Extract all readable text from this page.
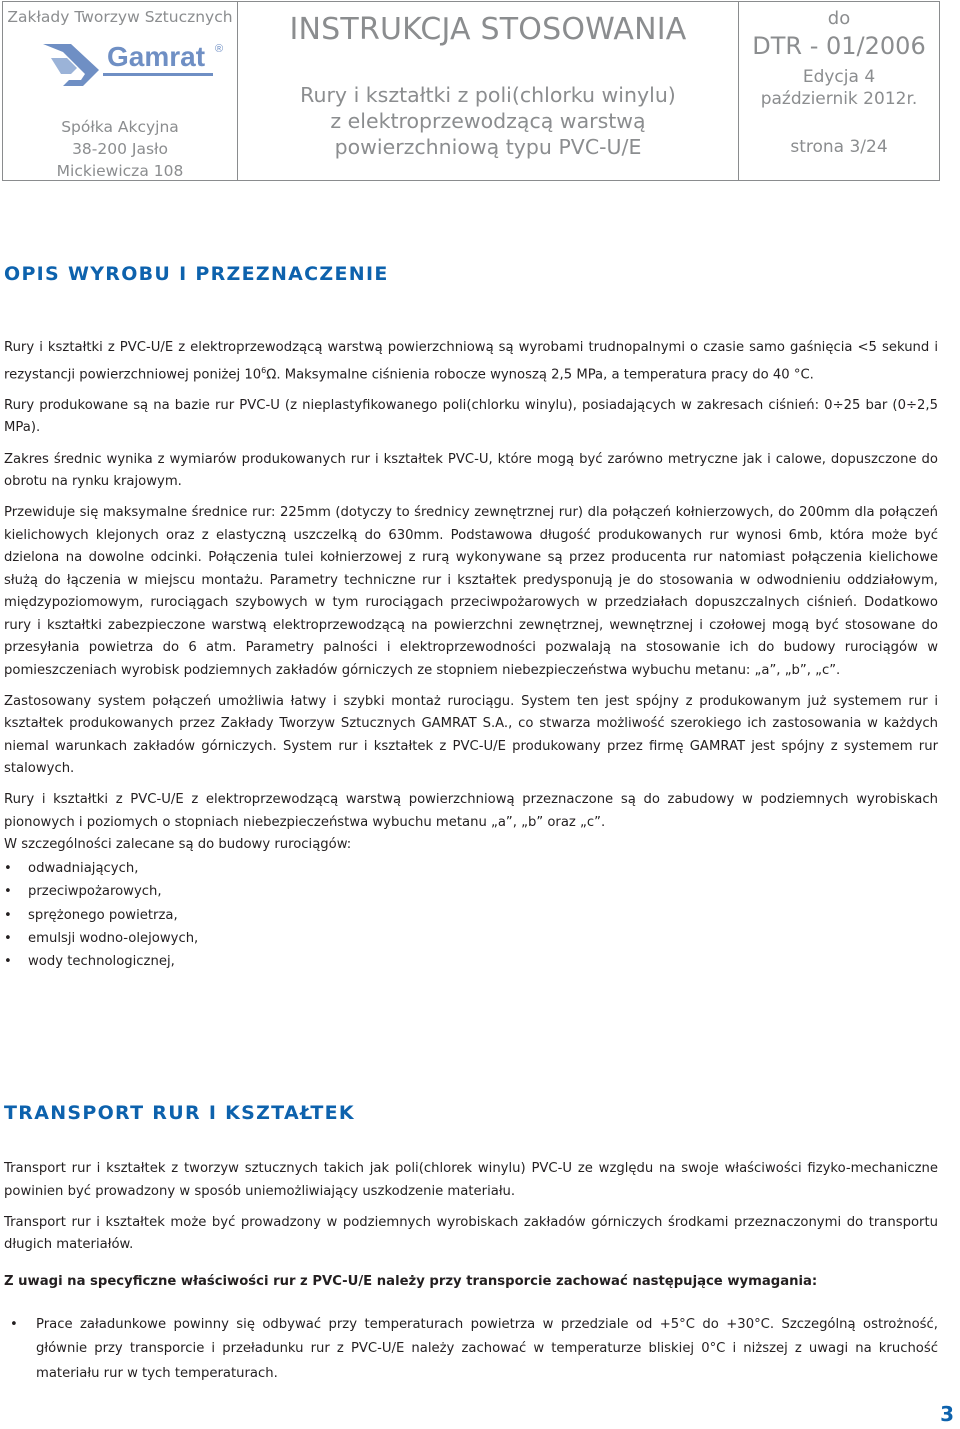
Zakłady Tworzyw Sztucznych
Gamrat ®
Spółka Akcyjna
38-200 Jasło
Mickiewicza 108
INSTRUKCJA STOSOWANIA
Rury i kształtki z poli(chlorku winylu)
z elektroprzewodzącą warstwą
powierzchniową typu PVC-U/E
do
DTR - 01/2006
Edycja 4
październik 2012r.
strona 3/24
OPIS WYROBU I PRZEZNACZENIE

Rury i kształtki z PVC-U/E z elektroprzewodzącą warstwą powierzchniową są wyrobami trudnopalnymi o czasie samo gaśnięcia <5 sekund i rezystancji powierzchniowej poniżej $10^6\Omega$. Maksymalne ciśnienia robocze wynoszą 2,5 MPa, a temperatura pracy do 40 °C.

Rury produkowane są na bazie rur PVC-U (z nieplastyfikowanego poli(chlorku winylu), posiadających w zakresach ciśnień: 0÷25 bar (0÷2,5 MPa).

Zakres średnic wynika z wymiarów produkowanych rur i kształtek PVC-U, które mogą być zarówno metryczne jak i calowe, dopuszczone do obrotu na rynku krajowym.

Przewiduje się maksymalne średnice rur: 225mm (dotyczy to średnicy zewnętrznej rur) dla połączeń kołnierzowych, do 200mm dla połączeń kielichowych klejonych oraz z elastyczną uszczelką do 630mm. Podstawowa długość produkowanych rur wynosi 6mb, która może być dzielona na dowolne odcinki. Połączenia tulei kołnierzowej z rurą wykonywane są przez producenta rur natomiast połączenia kielichowe służą do łączenia w miejscu montażu. Parametry techniczne rur i kształtek predysponują je do stosowania w odwodnieniu oddziałowym, międzypoziomowym, rurociągach szybowych w tym rurociągach przeciwpożarowych w przedziałach dopuszczalnych ciśnień. Dodatkowo rury i kształtki zabezpieczone warstwą elektroprzewodzącą na powierzchni zewnętrznej, wewnętrznej i czołowej mogą być stosowane do przesyłania powietrza do 6 atm. Parametry palności i elektroprzewodności pozwalają na stosowanie ich do budowy rurociągów w pomieszczeniach wyrobisk podziemnych zakładów górniczych ze stopniem niebezpieczeństwa wybuchu metanu: „a”, „b”, „c”.

Zastosowany system połączeń umożliwia łatwy i szybki montaż rurociągu. System ten jest spójny z produkowanym już systemem rur i kształtek produkowanych przez Zakłady Tworzyw Sztucznych GAMRAT S.A., co stwarza możliwość szerokiego ich zastosowania w każdych niemal warunkach zakładów górniczych. System rur i kształtek z PVC-U/E produkowany przez firmę GAMRAT jest spójny z systemem rur stalowych.

Rury i kształtki z PVC-U/E z elektroprzewodzącą warstwą powierzchniową przeznaczone są do zabudowy w podziemnych wyrobiskach pionowych i poziomych o stopniach niebezpieczeństwa wybuchu metanu „a”, „b” oraz „c”.

W szczególności zalecane są do budowy rurociągów:

• odwadniających,
• przeciwpożarowych,
• sprężonego powietrza,
• emulsji wodno-olejowych,
• wody technologicznej,
TRANSPORT RUR I KSZTAŁTEK

Transport rur i kształtek z tworzyw sztucznych takich jak poli(chlorek winylu) PVC-U ze względu na swoje właściwości fizyko-mechaniczne powinien być prowadzony w sposób uniemożliwiający uszkodzenie materiału.

Transport rur i kształtek może być prowadzony w podziemnych wyrobiskach zakładów górniczych środkami przeznaczonymi do transportu długich materiałów.

Z uwagi na specyficzne właściwości rur z PVC-U/E należy przy transporcie zachować następujące wymagania:

• Prace załadunkowe powinny się odbywać przy temperaturach powietrza w przedziale od +5°C do +30°C. Szczególną ostrożność, głównie przy transporcie i przeładunku rur z PVC-U/E należy zachować w temperaturze bliskiej 0°C i niższej z uwagi na kruchość materiału rur w tych temperaturach.
3
